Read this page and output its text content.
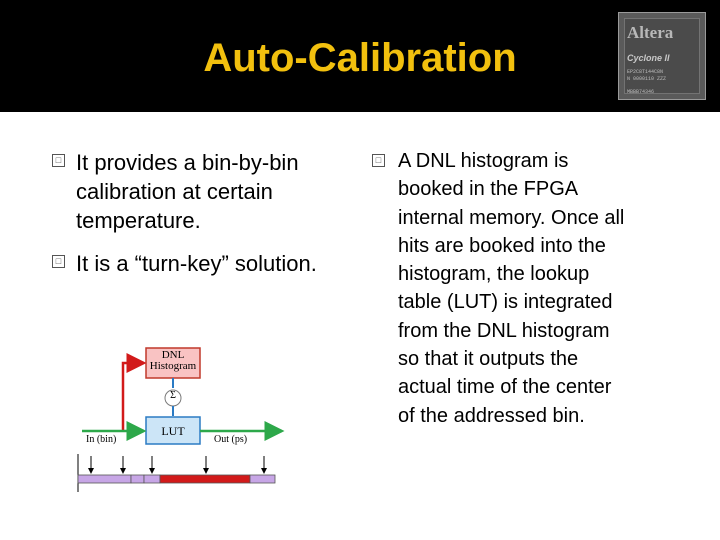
Auto-Calibration
Altera
Cyclone II
EP2C8T144C8N
N 0000110 ZZZ
MBBB74346
□ It provides a bin-by-bin
calibration at certain
temperature.
□ It is a “turn-key” solution.
□ A DNL histogram is
booked in the FPGA
internal memory. Once all
hits are booked into the
histogram, the lookup
table (LUT) is integrated
from the DNL histogram
so that it outputs the
actual time of the center
of the addressed bin.
DNL
Histogram
Σ
LUT
In (bin)	Out (ps)
